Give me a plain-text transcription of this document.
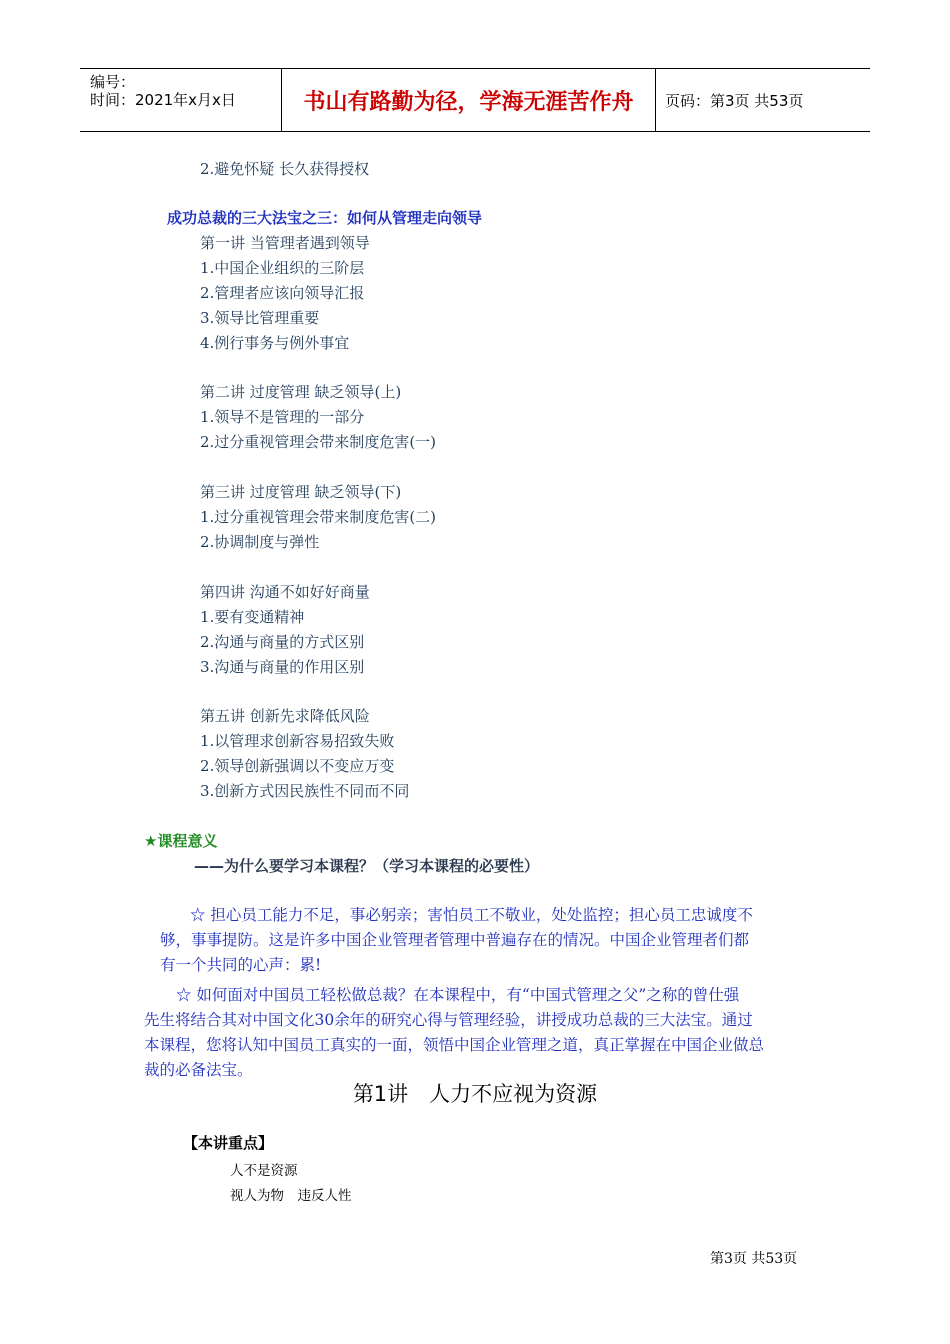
编号：
时间：2021年x月x日	书山有路勤为径，学海无涯苦作舟	页码：第3页 共53页
2.避免怀疑 长久获得授权
成功总裁的三大法宝之三：如何从管理走向领导
第一讲 当管理者遇到领导
1.中国企业组织的三阶层
2.管理者应该向领导汇报
3.领导比管理重要
4.例行事务与例外事宜
第二讲 过度管理 缺乏领导(上)
1.领导不是管理的一部分
2.过分重视管理会带来制度危害(一)
第三讲 过度管理 缺乏领导(下)
1.过分重视管理会带来制度危害(二)
2.协调制度与弹性
第四讲 沟通不如好好商量
1.要有变通精神
2.沟通与商量的方式区别
3.沟通与商量的作用区别
第五讲 创新先求降低风险
1.以管理求创新容易招致失败
2.领导创新强调以不变应万变
3.创新方式因民族性不同而不同
★课程意义
——为什么要学习本课程？（学习本课程的必要性）
☆ 担心员工能力不足，事必躬亲；害怕员工不敬业，处处监控；担心员工忠诚度不
够，事事提防。这是许多中国企业管理者管理中普遍存在的情况。中国企业管理者们都
有一个共同的心声：累!
☆ 如何面对中国员工轻松做总裁？在本课程中，有“中国式管理之父”之称的曾仕强
先生将结合其对中国文化30余年的研究心得与管理经验，讲授成功总裁的三大法宝。通过
本课程，您将认知中国员工真实的一面，领悟中国企业管理之道，真正掌握在中国企业做总
裁的必备法宝。
第1讲　人力不应视为资源
【本讲重点】
人不是资源
视人为物　违反人性
第3页 共53页
